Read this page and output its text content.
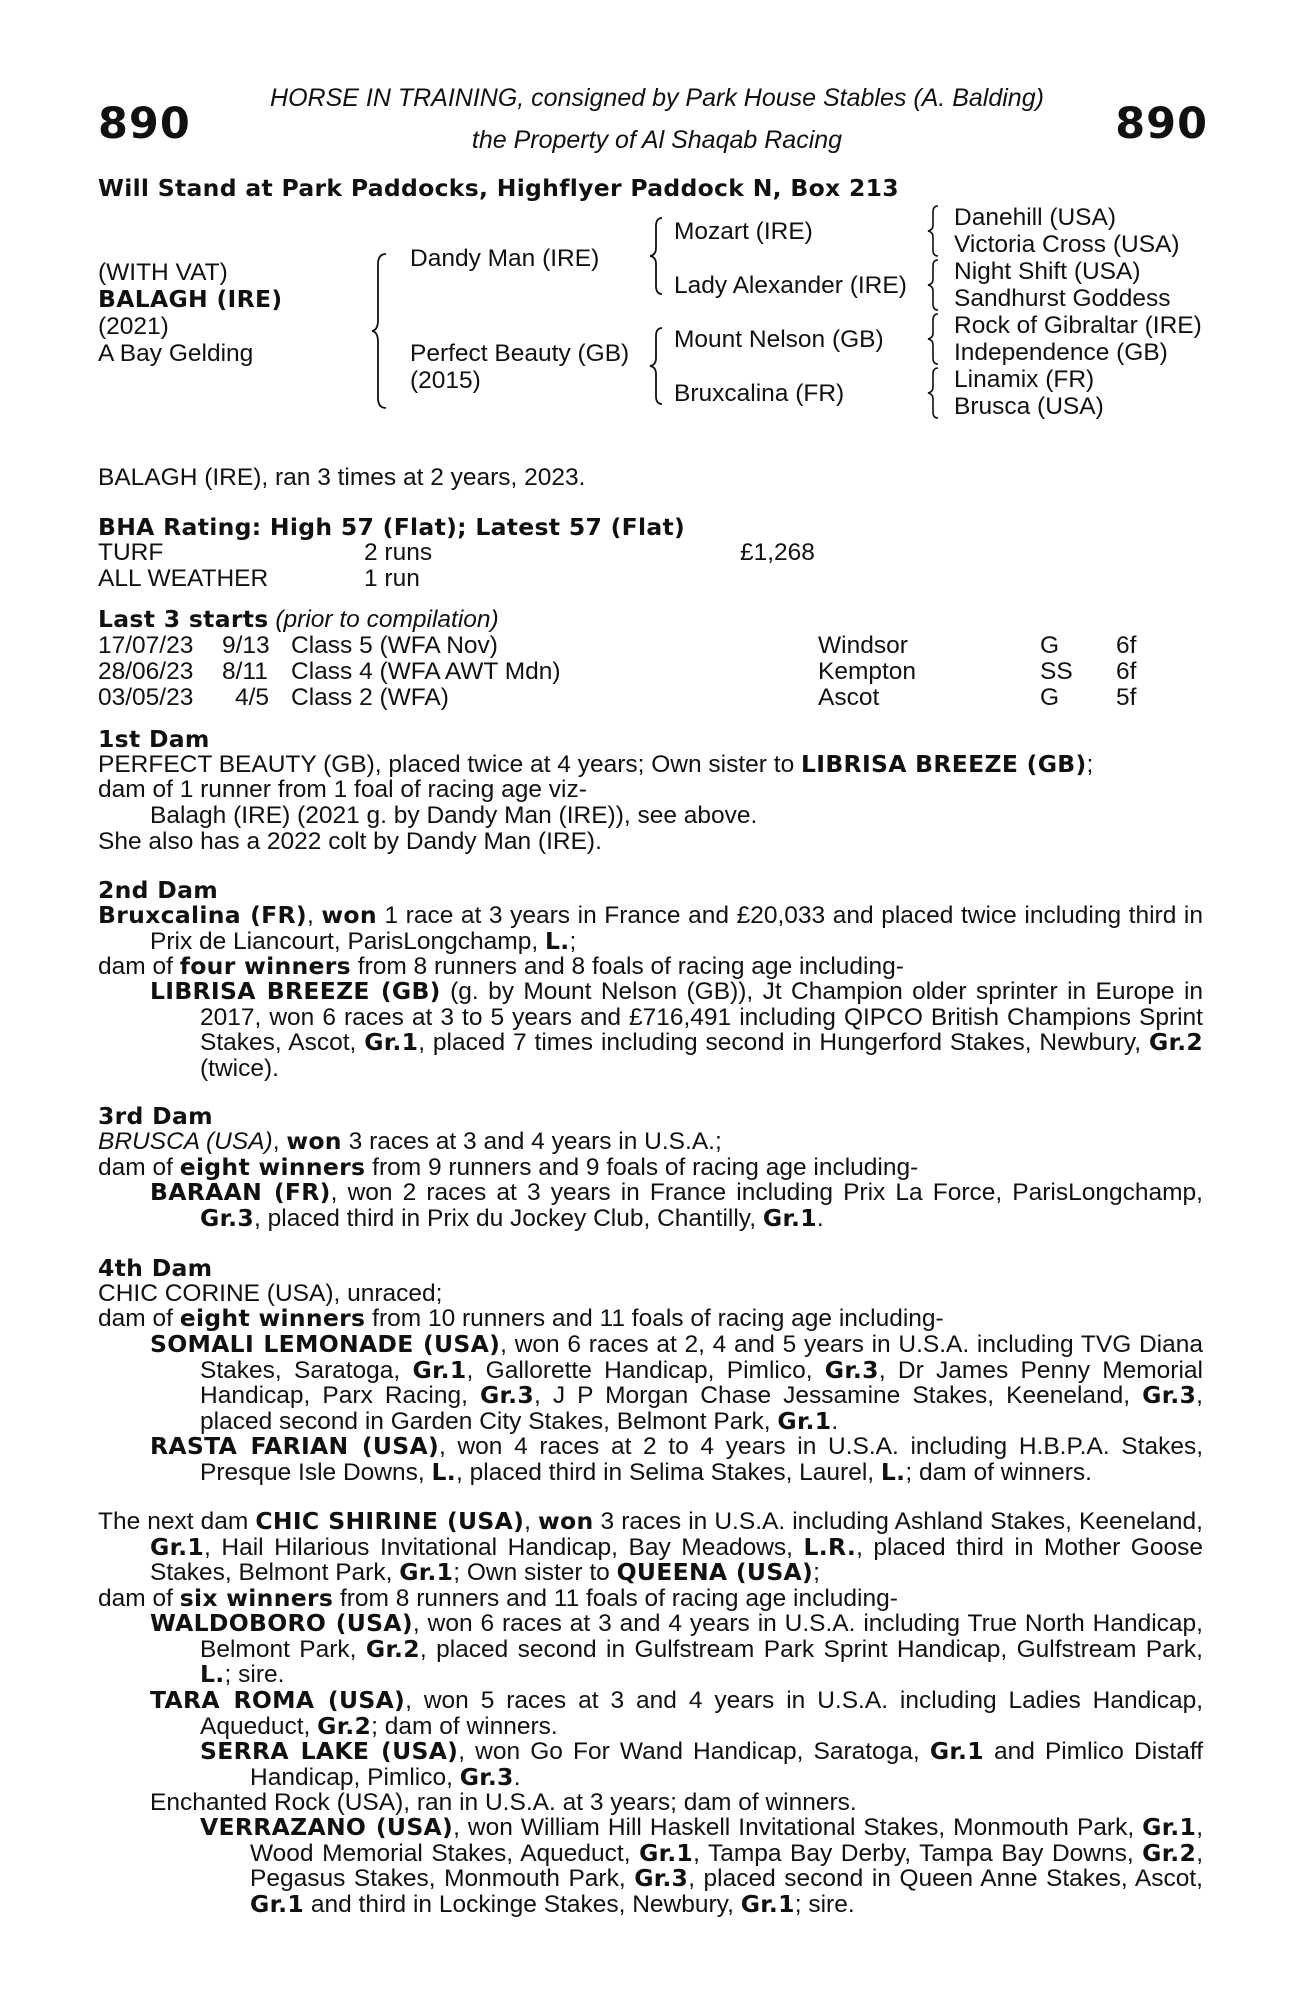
890	890
HORSE IN TRAINING, consigned by Park House Stables (A. Balding)
the Property of Al Shaqab Racing
Will Stand at Park Paddocks, Highflyer Paddock N, Box 213
(WITH VAT)
BALAGH (IRE)
(2021)
A Bay Gelding
Dandy Man (IRE)
Perfect Beauty (GB)
(2015)
Mozart (IRE)
Lady Alexander (IRE)
Mount Nelson (GB)
Bruxcalina (FR)
Danehill (USA)
Victoria Cross (USA)
Night Shift (USA)
Sandhurst Goddess
Rock of Gibraltar (IRE)
Independence (GB)
Linamix (FR)
Brusca (USA)
BALAGH (IRE), ran 3 times at 2 years, 2023.
BHA Rating: High 57 (Flat); Latest 57 (Flat)
TURF	2 runs	£1,268
ALL WEATHER	1 run
Last 3 starts (prior to compilation)
17/07/23 9/13 Class 5 (WFA Nov)	Windsor	G 6f
28/06/23 8/11 Class 4 (WFA AWT Mdn)	Kempton	SS 6f
03/05/23 4/5 Class 2 (WFA)	Ascot	G 5f
1st Dam
PERFECT BEAUTY (GB), placed twice at 4 years; Own sister to LIBRISA BREEZE (GB);
dam of 1 runner from 1 foal of racing age viz-
Balagh (IRE) (2021 g. by Dandy Man (IRE)), see above.
She also has a 2022 colt by Dandy Man (IRE).
2nd Dam
Bruxcalina (FR), won 1 race at 3 years in France and £20,033 and placed twice including third in Prix de Liancourt, ParisLongchamp, L.;
dam of four winners from 8 runners and 8 foals of racing age including-
LIBRISA BREEZE (GB) (g. by Mount Nelson (GB)), Jt Champion older sprinter in Europe in 2017, won 6 races at 3 to 5 years and £716,491 including QIPCO British Champions Sprint Stakes, Ascot, Gr.1, placed 7 times including second in Hungerford Stakes, Newbury, Gr.2 (twice).
3rd Dam
BRUSCA (USA), won 3 races at 3 and 4 years in U.S.A.;
dam of eight winners from 9 runners and 9 foals of racing age including-
BARAAN (FR), won 2 races at 3 years in France including Prix La Force, ParisLongchamp, Gr.3, placed third in Prix du Jockey Club, Chantilly, Gr.1.
4th Dam
CHIC CORINE (USA), unraced;
dam of eight winners from 10 runners and 11 foals of racing age including-
SOMALI LEMONADE (USA), won 6 races at 2, 4 and 5 years in U.S.A. including TVG Diana Stakes, Saratoga, Gr.1, Gallorette Handicap, Pimlico, Gr.3, Dr James Penny Memorial Handicap, Parx Racing, Gr.3, J P Morgan Chase Jessamine Stakes, Keeneland, Gr.3, placed second in Garden City Stakes, Belmont Park, Gr.1.
RASTA FARIAN (USA), won 4 races at 2 to 4 years in U.S.A. including H.B.P.A. Stakes, Presque Isle Downs, L., placed third in Selima Stakes, Laurel, L.; dam of winners.
The next dam CHIC SHIRINE (USA), won 3 races in U.S.A. including Ashland Stakes, Keeneland, Gr.1, Hail Hilarious Invitational Handicap, Bay Meadows, L.R., placed third in Mother Goose Stakes, Belmont Park, Gr.1; Own sister to QUEENA (USA);
dam of six winners from 8 runners and 11 foals of racing age including-
WALDOBORO (USA), won 6 races at 3 and 4 years in U.S.A. including True North Handicap, Belmont Park, Gr.2, placed second in Gulfstream Park Sprint Handicap, Gulfstream Park, L.; sire.
TARA ROMA (USA), won 5 races at 3 and 4 years in U.S.A. including Ladies Handicap, Aqueduct, Gr.2; dam of winners.
SERRA LAKE (USA), won Go For Wand Handicap, Saratoga, Gr.1 and Pimlico Distaff Handicap, Pimlico, Gr.3.
Enchanted Rock (USA), ran in U.S.A. at 3 years; dam of winners.
VERRAZANO (USA), won William Hill Haskell Invitational Stakes, Monmouth Park, Gr.1, Wood Memorial Stakes, Aqueduct, Gr.1, Tampa Bay Derby, Tampa Bay Downs, Gr.2, Pegasus Stakes, Monmouth Park, Gr.3, placed second in Queen Anne Stakes, Ascot, Gr.1 and third in Lockinge Stakes, Newbury, Gr.1; sire.
